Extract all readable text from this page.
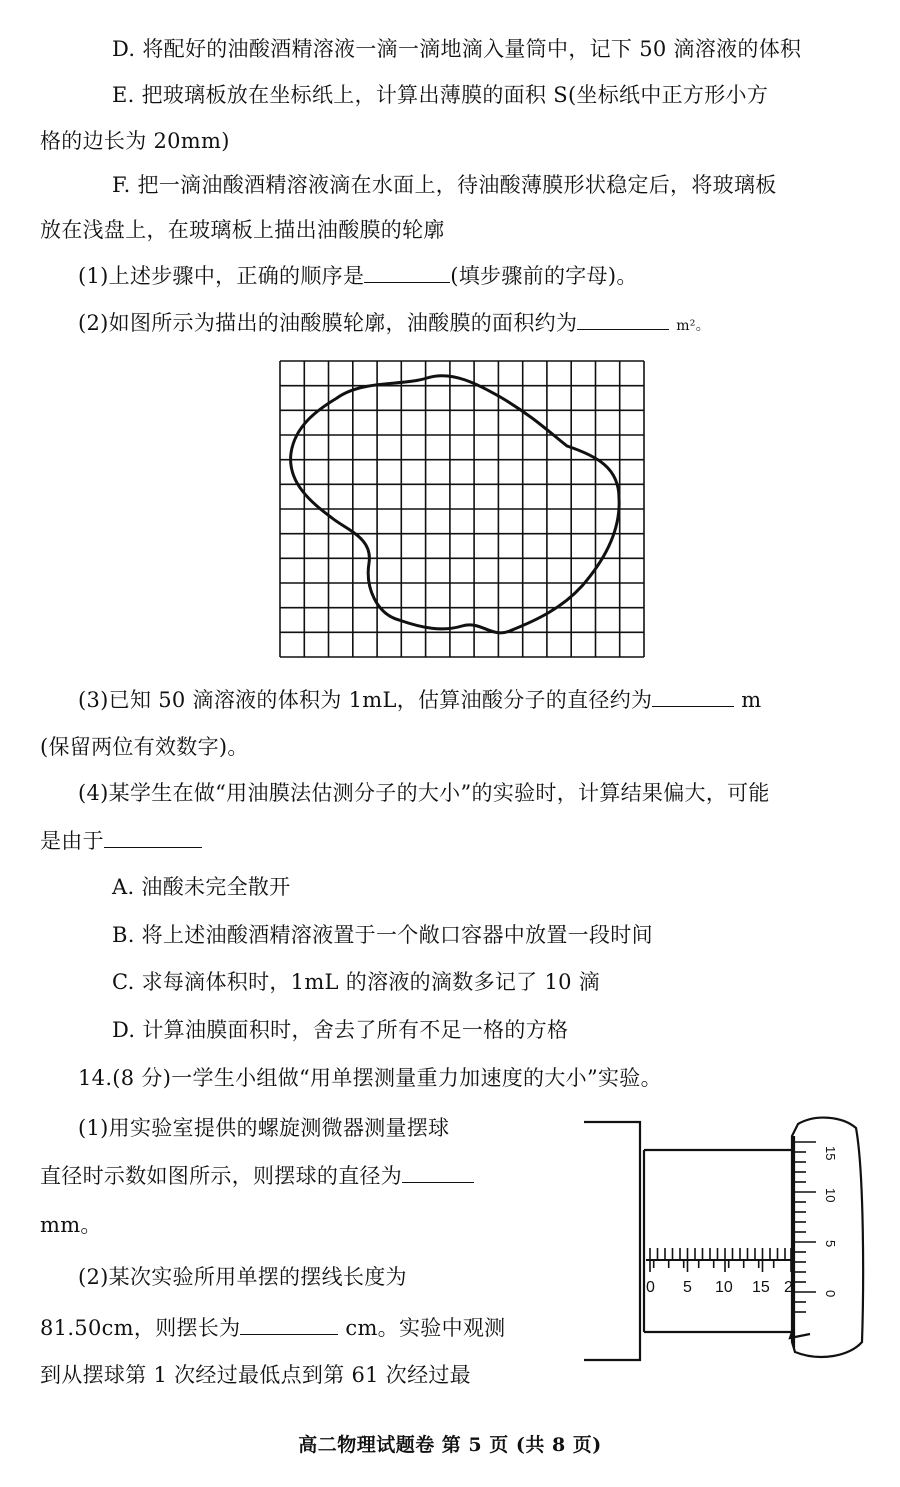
D. 将配好的油酸酒精溶液一滴一滴地滴入量筒中，记下 50 滴溶液的体积
E. 把玻璃板放在坐标纸上，计算出薄膜的面积 S(坐标纸中正方形小方
格的边长为 20mm)
F. 把一滴油酸酒精溶液滴在水面上，待油酸薄膜形状稳定后，将玻璃板
放在浅盘上，在玻璃板上描出油酸膜的轮廓
(1)上述步骤中，正确的顺序是	(填步骤前的字母)。
(2)如图所示为描出的油酸膜轮廓，油酸膜的面积约为	m²。
(3)已知 50 滴溶液的体积为 1mL，估算油酸分子的直径约为	m
(保留两位有效数字)。
(4)某学生在做“用油膜法估测分子的大小”的实验时，计算结果偏大，可能
是由于
A. 油酸未完全散开
B. 将上述油酸酒精溶液置于一个敞口容器中放置一段时间
C. 求每滴体积时，1mL 的溶液的滴数多记了 10 滴
D. 计算油膜面积时，舍去了所有不足一格的方格
14.(8 分)一学生小组做“用单摆测量重力加速度的大小”实验。
(1)用实验室提供的螺旋测微器测量摆球
直径时示数如图所示，则摆球的直径为
mm。
(2)某次实验所用单摆的摆线长度为
81.50cm，则摆长为	cm。实验中观测
到从摆球第 1 次经过最低点到第 61 次经过最
0 5 10 15 2
15
10
5
0
高二物理试题卷 第 5 页 (共 8 页)
